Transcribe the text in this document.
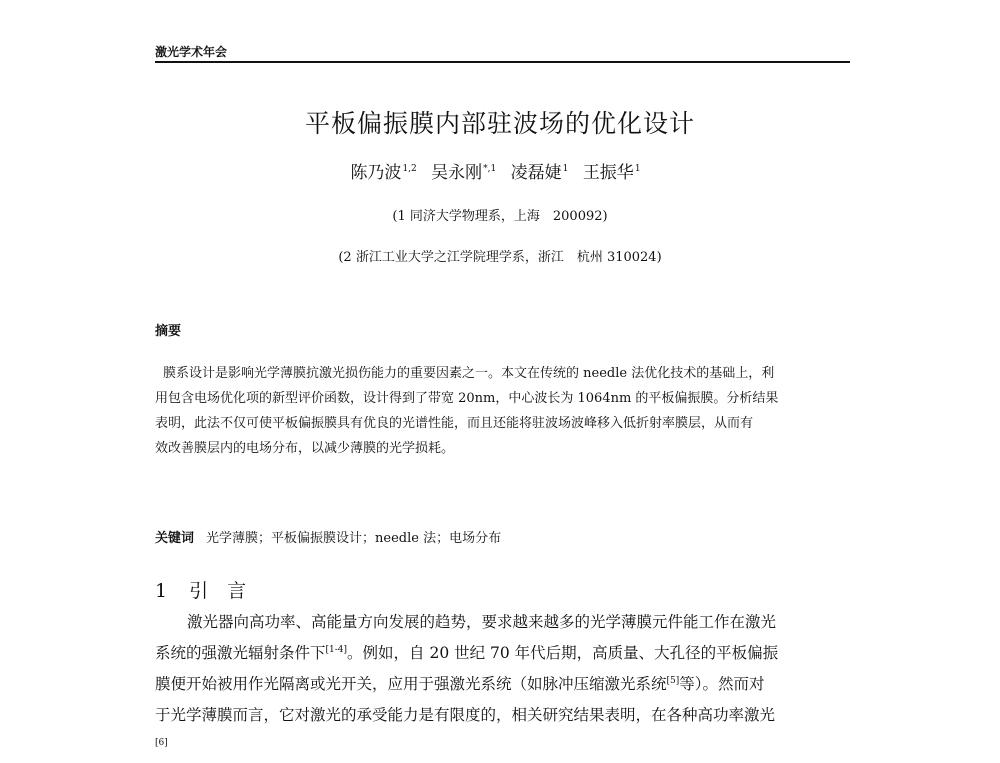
激光学术年会
平板偏振膜内部驻波场的优化设计
陈乃波$^{1,2}$ 吴永刚$^{*,1}$ 凌磊婕$^1$ 王振华$^1$
(1 同济大学物理系，上海　200092)
(2 浙江工业大学之江学院理学系，浙江　杭州 310024)
摘要
膜系设计是影响光学薄膜抗激光损伤能力的重要因素之一。本文在传统的 needle 法优化技术的基础上，利
用包含电场优化项的新型评价函数，设计得到了带宽 20nm，中心波长为 1064nm 的平板偏振膜。分析结果
表明，此法不仅可使平板偏振膜具有优良的光谱性能，而且还能将驻波场波峰移入低折射率膜层，从而有
效改善膜层内的电场分布，以减少薄膜的光学损耗。
关键词 光学薄膜；平板偏振膜设计；needle 法；电场分布
1 引　言
激光器向高功率、高能量方向发展的趋势，要求越来越多的光学薄膜元件能工作在激光
系统的强激光辐射条件下[1-4]。例如，自 20 世纪 70 年代后期，高质量、大孔径的平板偏振
膜便开始被用作光隔离或光开关，应用于强激光系统（如脉冲压缩激光系统[5]等）。然而对
于光学薄膜而言，它对激光的承受能力是有限度的，相关研究结果表明，在各种高功率激光
[6]
